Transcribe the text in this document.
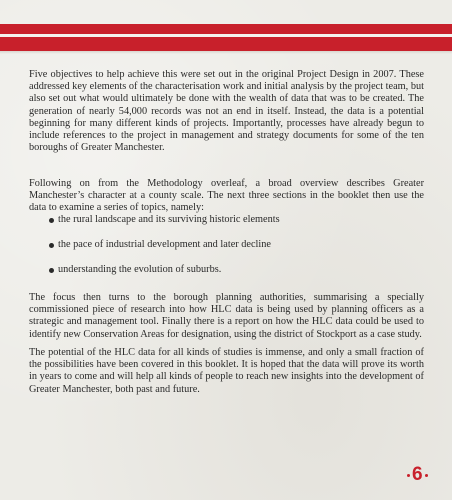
Five objectives to help achieve this were set out in the original Project Design in 2007. These addressed key elements of the characterisation work and initial analysis by the project team, but also set out what would ultimately be done with the wealth of data that was to be created. The generation of nearly 54,000 records was not an end in itself. Instead, the data is a potential beginning for many different kinds of projects. Importantly, processes have already begun to include references to the project in management and strategy documents for some of the ten boroughs of Greater Manchester.

Following on from the Methodology overleaf, a broad overview describes Greater Manchester’s character at a county scale. The next three sections in the booklet then use the data to examine a series of topics, namely:

the rural landscape and its surviving historic elements
the pace of industrial development and later decline
understanding the evolution of suburbs.

The focus then turns to the borough planning authorities, summarising a specially commissioned piece of research into how HLC data is being used by planning officers as a strategic and management tool. Finally there is a report on how the HLC data could be used to identify new Conservation Areas for designation, using the district of Stockport as a case study.

The potential of the HLC data for all kinds of studies is immense, and only a small fraction of the possibilities have been covered in this booklet. It is hoped that the data will prove its worth in years to come and will help all kinds of people to reach new insights into the development of Greater Manchester, both past and future.

6
